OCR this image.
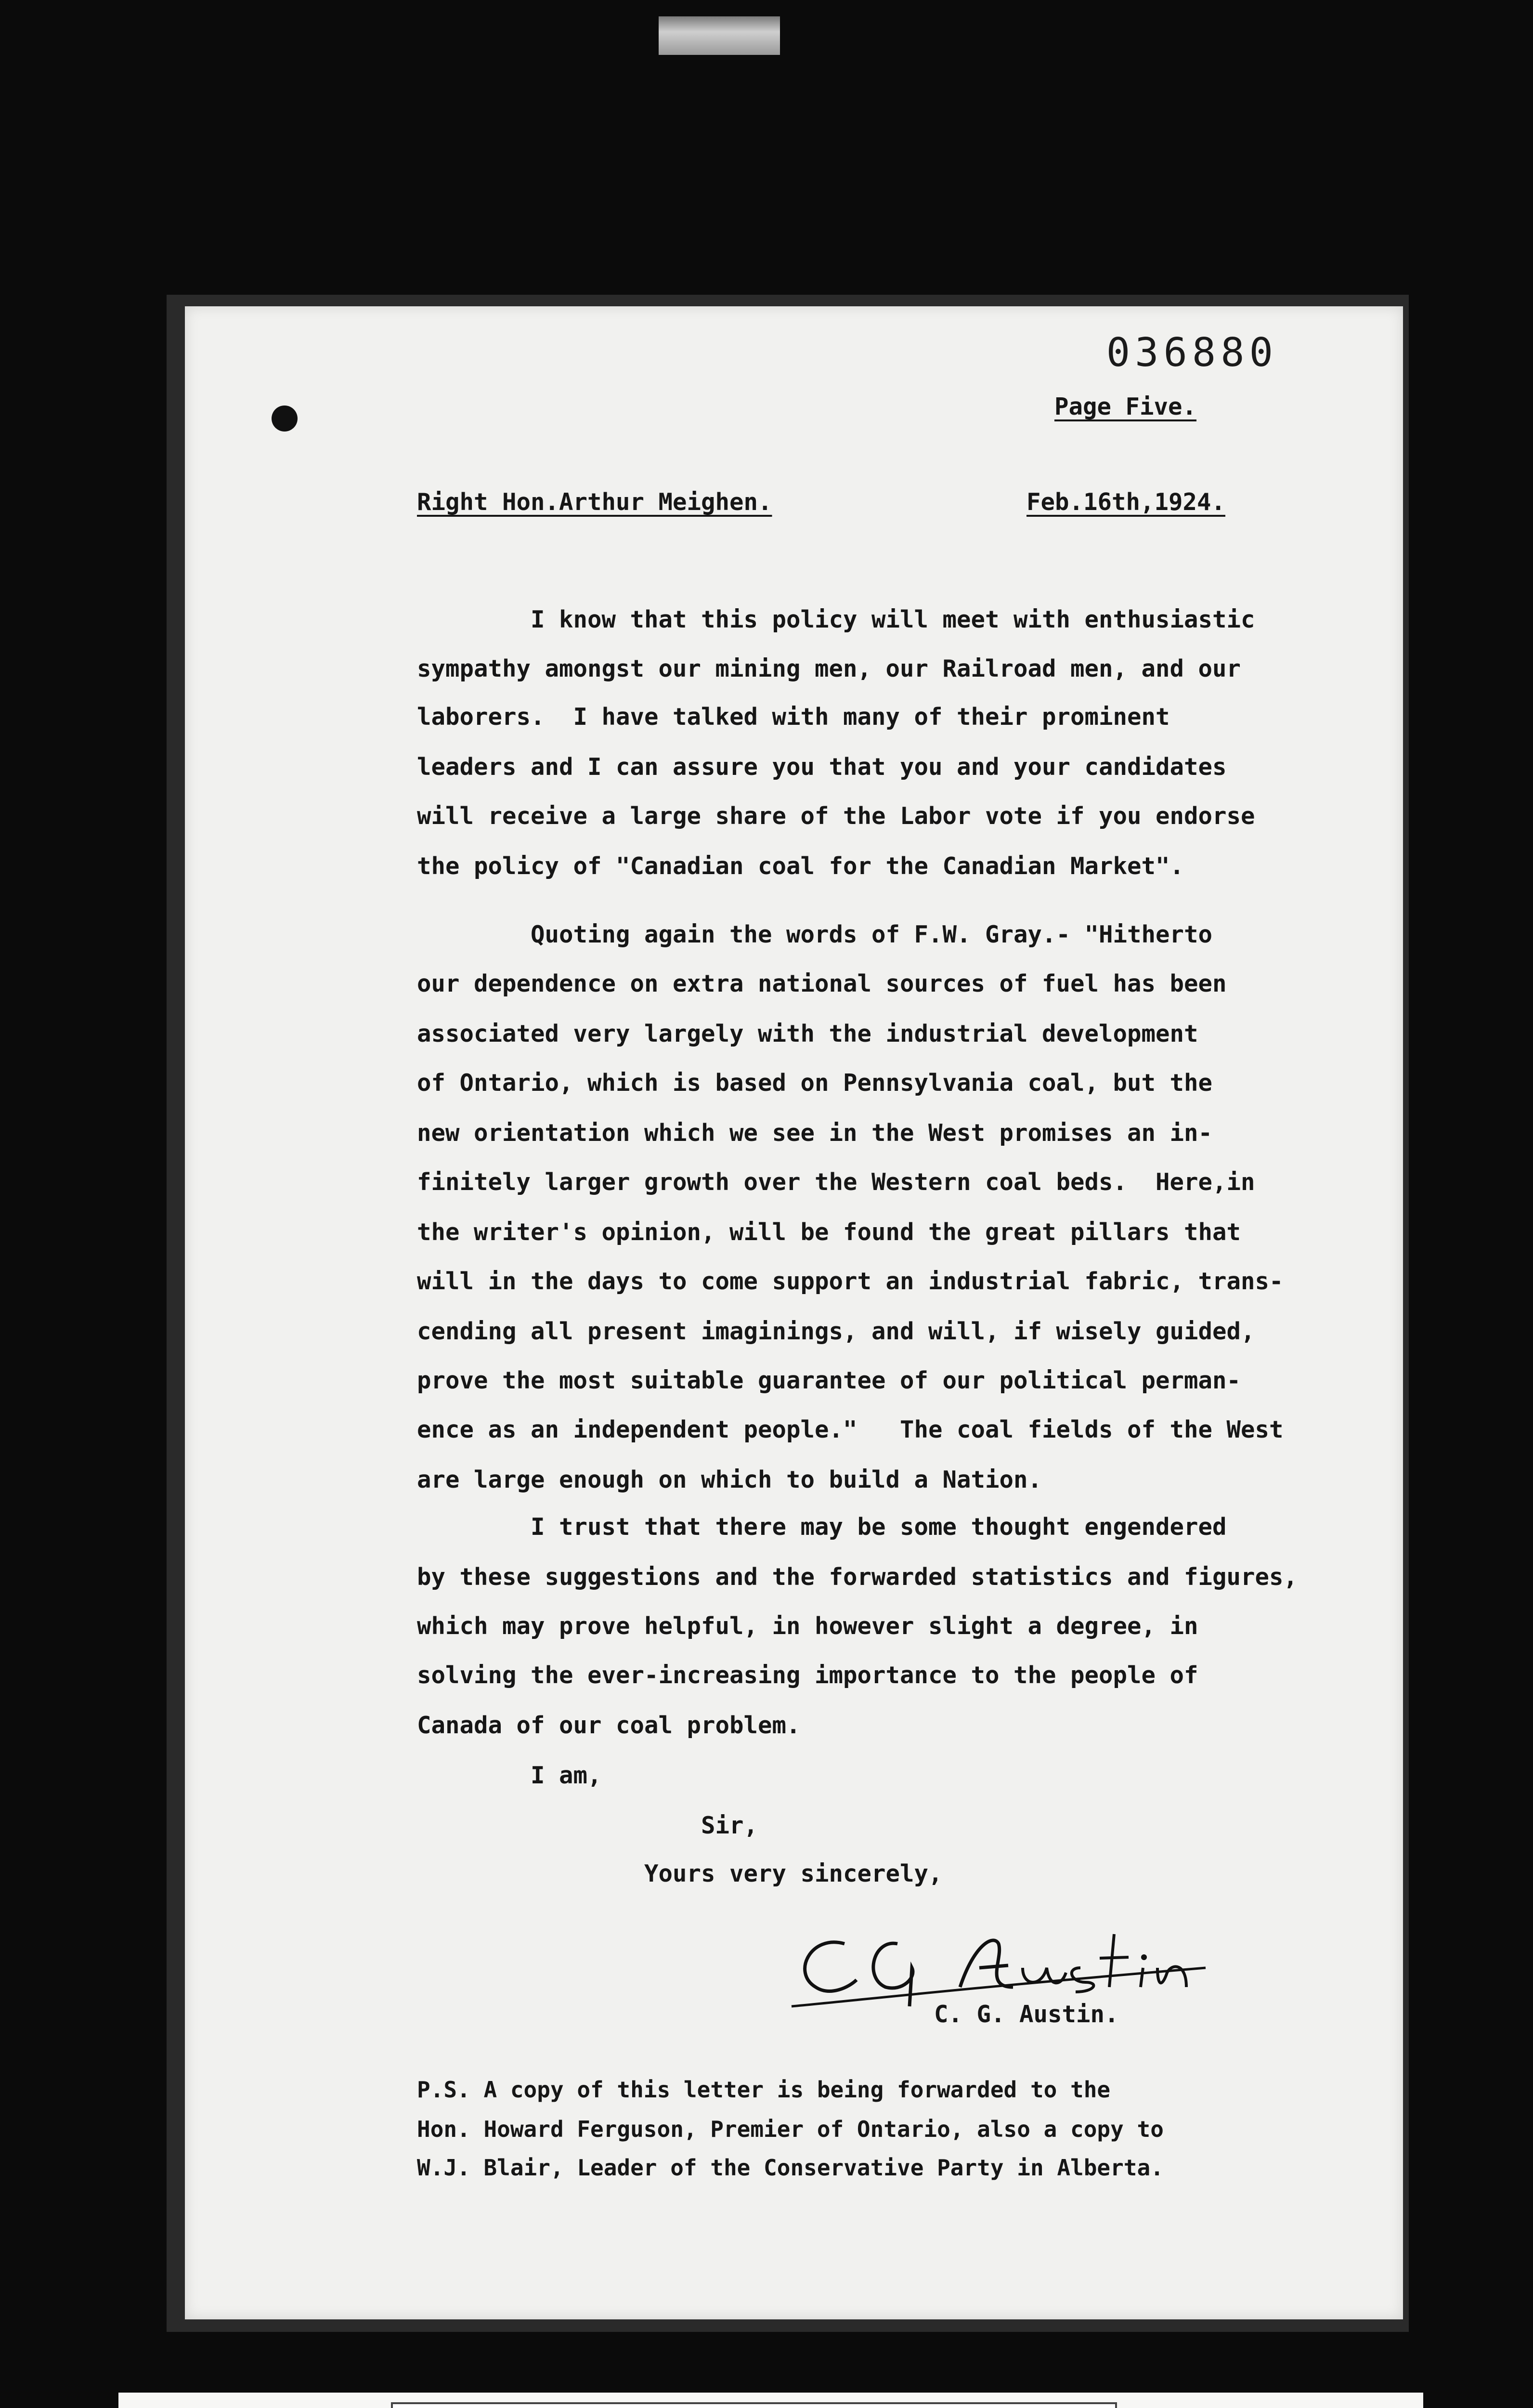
036880
Page Five.
Right Hon.Arthur Meighen.	Feb.16th,1924.
I know that this policy will meet with enthusiastic
sympathy amongst our mining men, our Railroad men, and our
laborers.  I have talked with many of their prominent
leaders and I can assure you that you and your candidates
will receive a large share of the Labor vote if you endorse
the policy of "Canadian coal for the Canadian Market".
Quoting again the words of F.W. Gray.- "Hitherto
our dependence on extra national sources of fuel has been
associated very largely with the industrial development
of Ontario, which is based on Pennsylvania coal, but the
new orientation which we see in the West promises an in-
finitely larger growth over the Western coal beds.  Here,in
the writer's opinion, will be found the great pillars that
will in the days to come support an industrial fabric, trans-
cending all present imaginings, and will, if wisely guided,
prove the most suitable guarantee of our political perman-
ence as an independent people."   The coal fields of the West
are large enough on which to build a Nation.
I trust that there may be some thought engendered
by these suggestions and the forwarded statistics and figures,
which may prove helpful, in however slight a degree, in
solving the ever-increasing importance to the people of
Canada of our coal problem.
I am,
Sir,
Yours very sincerely,
C. G. Austin.
P.S. A copy of this letter is being forwarded to the
Hon. Howard Ferguson, Premier of Ontario, also a copy to
W.J. Blair, Leader of the Conservative Party in Alberta.
